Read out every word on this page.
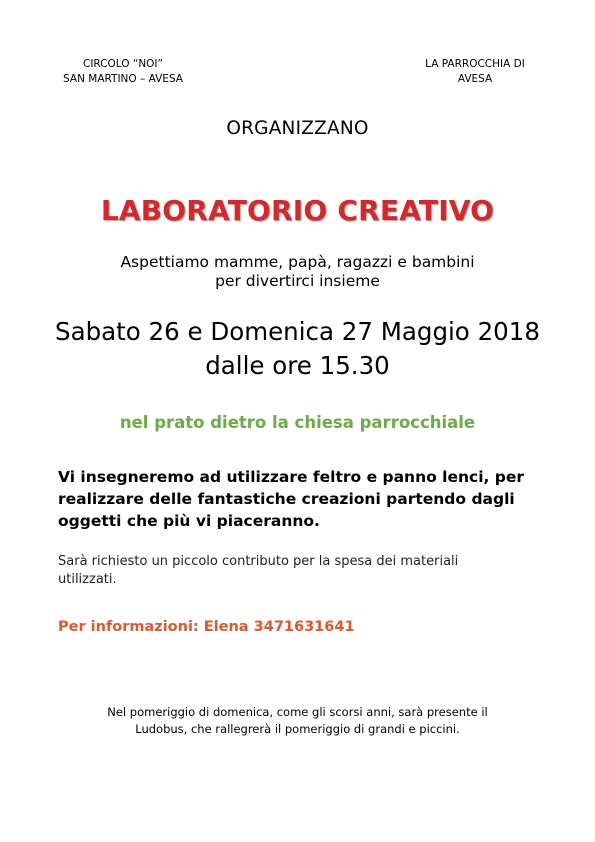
CIRCOLO “NOI”
SAN MARTINO – AVESA
LA PARROCCHIA DI
AVESA
ORGANIZZANO
LABORATORIO CREATIVO
Aspettiamo mamme, papà, ragazzi e bambini
per divertirci insieme
Sabato 26 e Domenica 27 Maggio 2018
dalle ore 15.30
nel prato dietro la chiesa parrocchiale
Vi insegneremo ad utilizzare feltro e panno lenci, per
realizzare delle fantastiche creazioni partendo dagli
oggetti che più vi piaceranno.
Sarà richiesto un piccolo contributo per la spesa dei materiali
utilizzati.
Per informazioni: Elena 3471631641
Nel pomeriggio di domenica, come gli scorsi anni, sarà presente il
Ludobus, che rallegrerà il pomeriggio di grandi e piccini.
